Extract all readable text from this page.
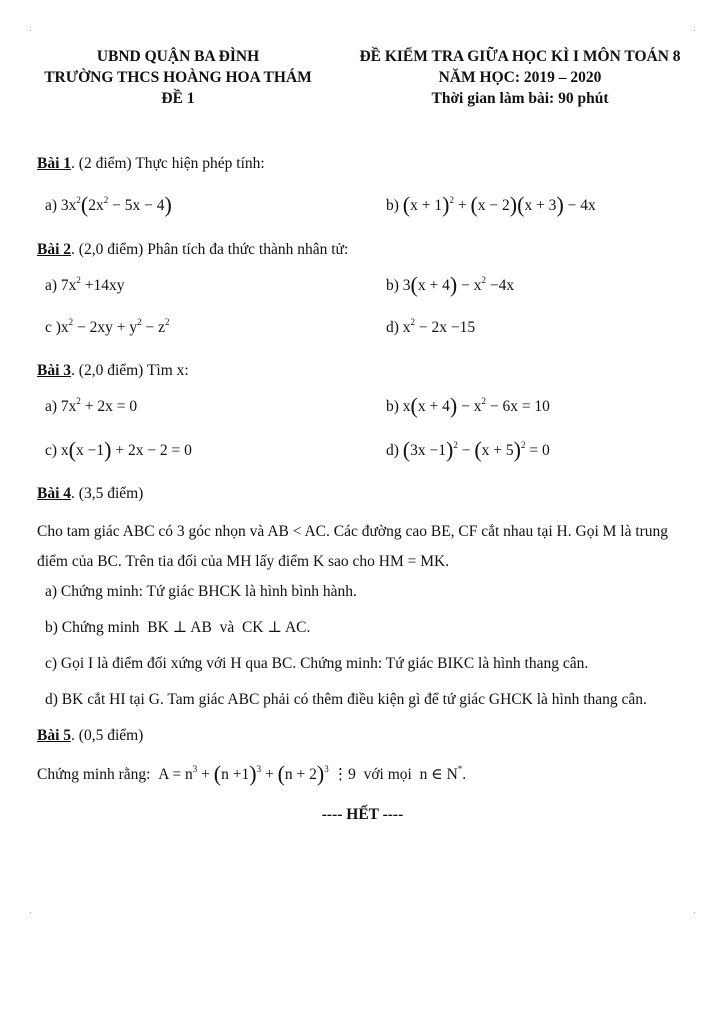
UBND QUẬN BA ĐÌNH
TRƯỜNG THCS HOÀNG HOA THÁM
ĐỀ 1
ĐỀ KIỂM TRA GIỮA HỌC KÌ I MÔN TOÁN 8
NĂM HỌC: 2019 – 2020
Thời gian làm bài: 90 phút
Bài 1. (2 điểm) Thực hiện phép tính:
a) $3x^2(2x^2 - 5x - 4)$	b) $(x + 1)^2 + (x - 2)(x + 3) - 4x$
Bài 2. (2,0 điểm) Phân tích đa thức thành nhân tử:
a) $7x^2 +14xy$	b) $3(x + 4) - x^2 -4x$
c )$x^2 - 2xy + y^2 - z^2$	d) $x^2 - 2x -15$
Bài 3. (2,0 điểm) Tìm x:
a) $7x^2 + 2x = 0$	b) $x(x + 4) - x^2 - 6x = 10$
c) x(x −1) + 2x − 2 = 0	d) $(3x -1)^2 - (x + 5)^2 = 0$
Bài 4. (3,5 điểm)
Cho tam giác ABC có 3 góc nhọn và AB < AC. Các đường cao BE, CF cắt nhau tại H. Gọi M là trung điểm của BC. Trên tia đối của MH lấy điểm K sao cho HM = MK.
a) Chứng minh: Tứ giác BHCK là hình bình hành.
b) Chứng minh  BK ⊥ AB  và  CK ⊥ AC.
c) Gọi I là điểm đối xứng với H qua BC. Chứng minh: Tứ giác BIKC là hình thang cân.
d) BK cắt HI tại G. Tam giác ABC phải có thêm điều kiện gì để tứ giác GHCK là hình thang cân.
Bài 5. (0,5 điểm)
Chứng minh rằng:  $A = n^3 + (n +1)^3 + (n + 2)^3$ ⋮9  với mọi  n ∈ N*.
---- HẾT ----
